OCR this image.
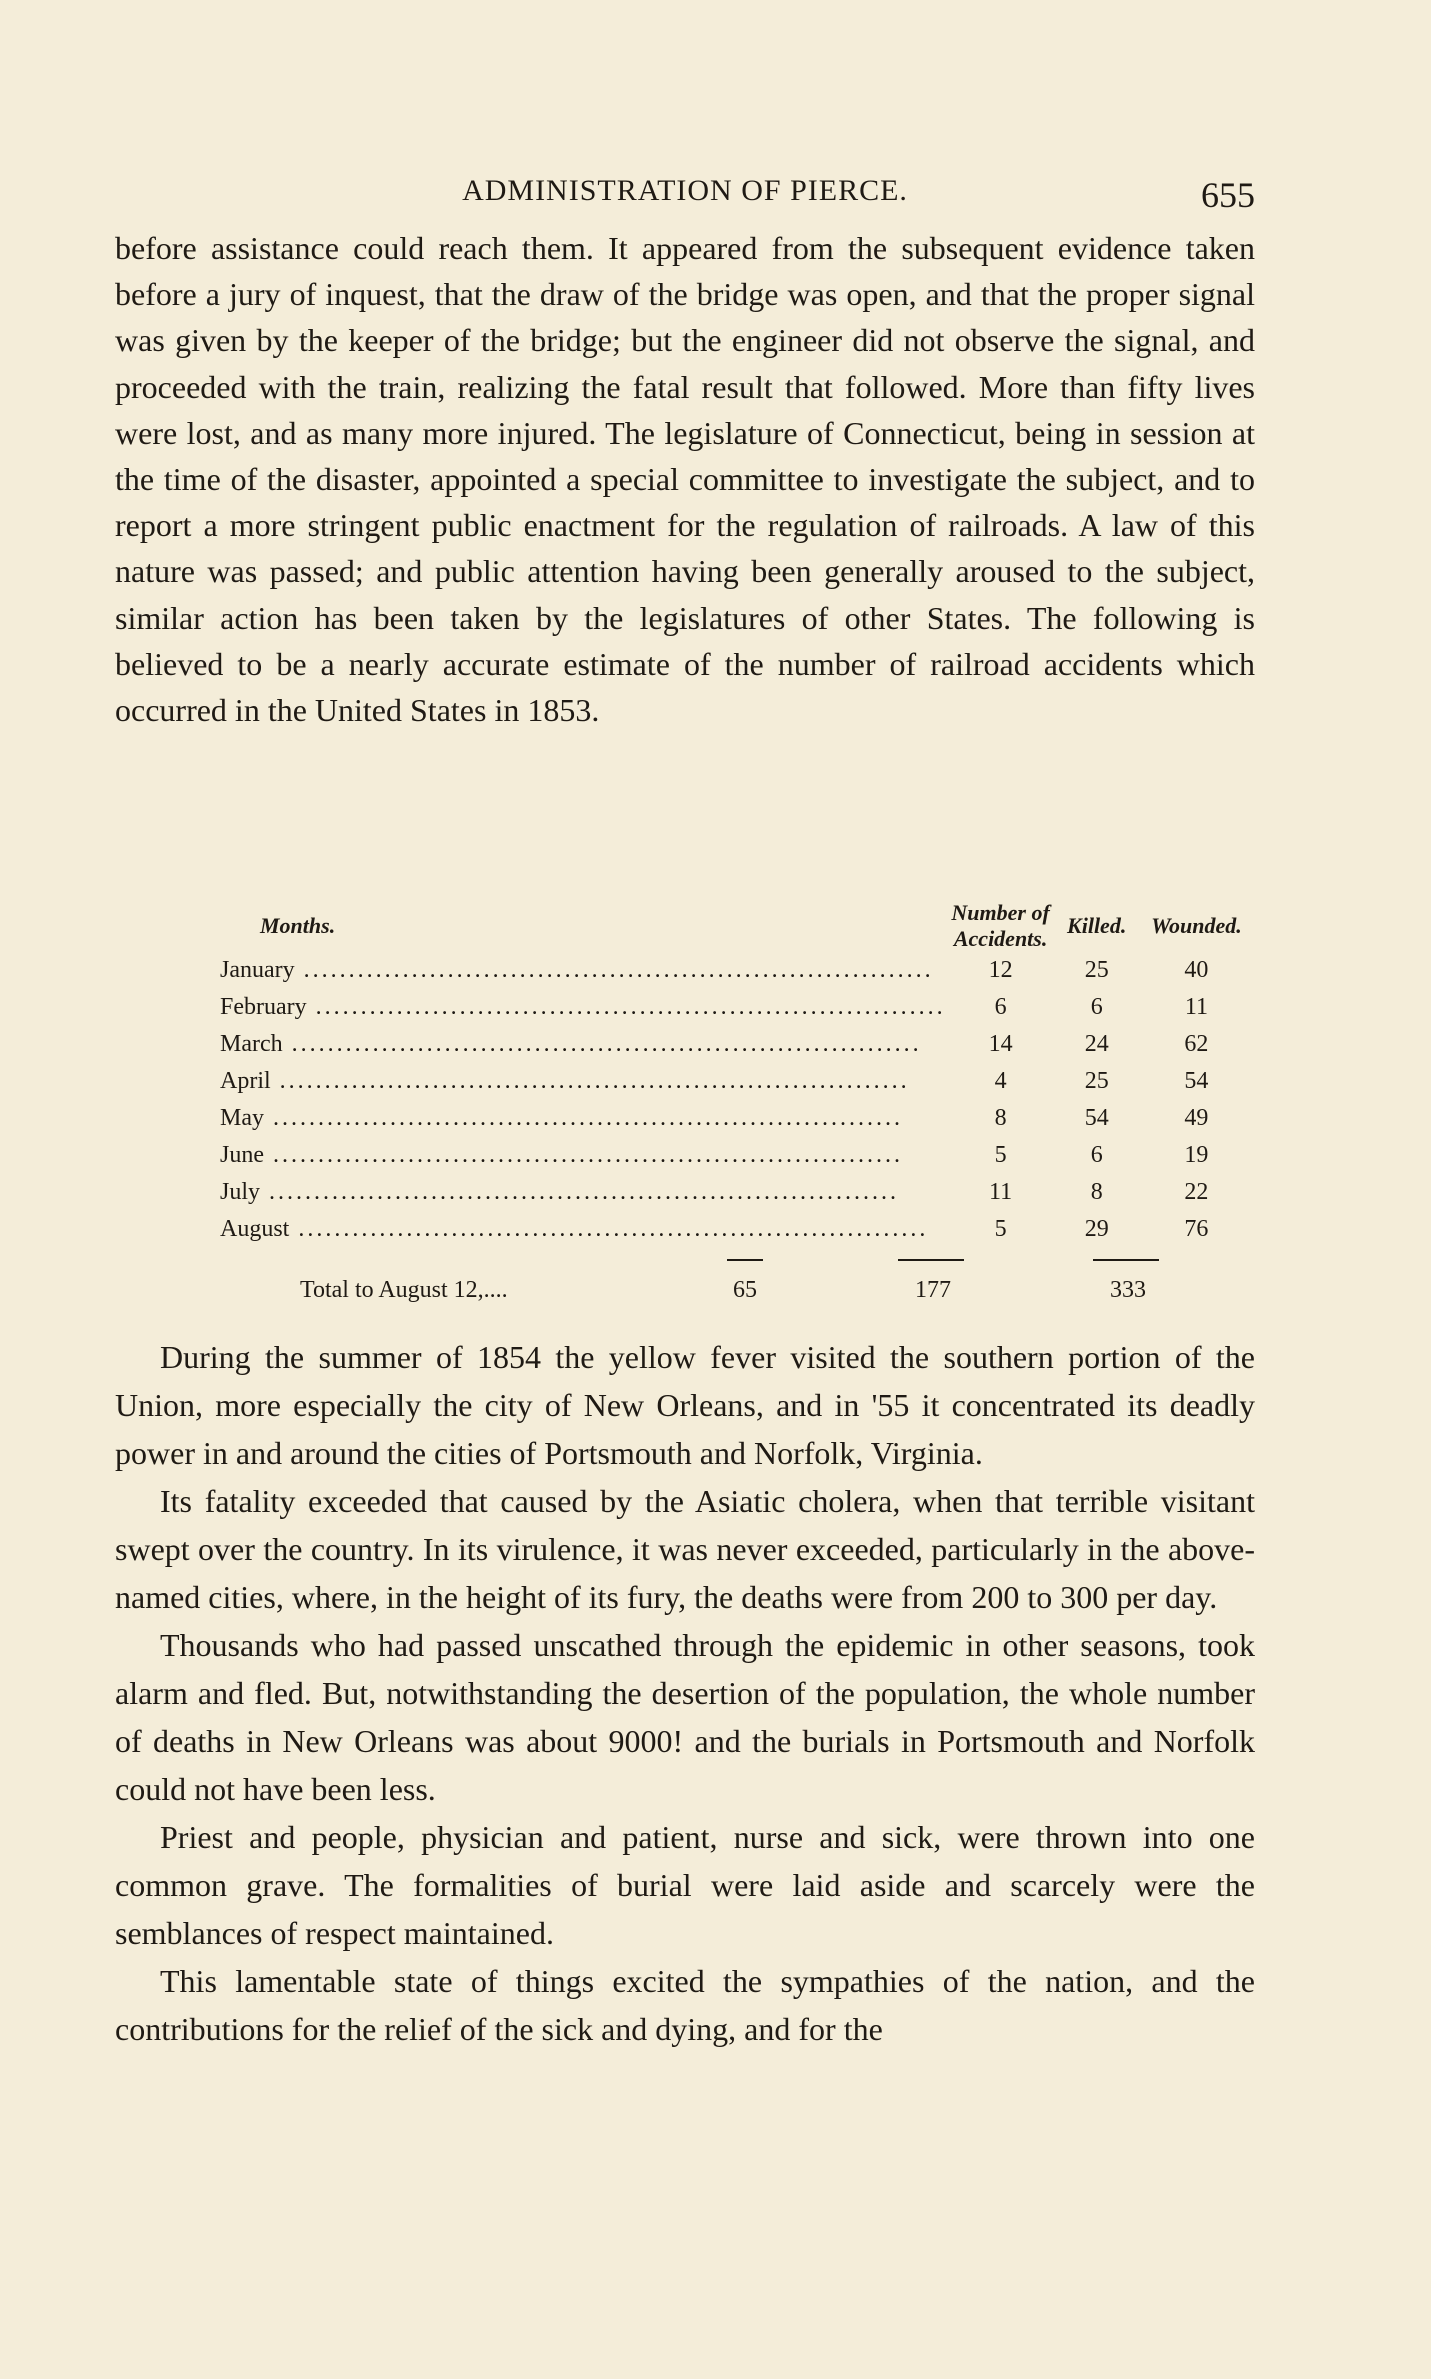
ADMINISTRATION OF PIERCE.	655

before assistance could reach them. It appeared from the subsequent evidence taken before a jury of inquest, that the draw of the bridge was open, and that the proper signal was given by the keeper of the bridge; but the engineer did not observe the signal, and proceeded with the train, realizing the fatal result that followed. More than fifty lives were lost, and as many more injured. The legislature of Connecticut, being in session at the time of the disaster, appointed a special committee to investigate the subject, and to report a more stringent public enactment for the regulation of railroads. A law of this nature was passed; and public attention having been generally aroused to the subject, similar action has been taken by the legislatures of other States. The following is believed to be a nearly accurate estimate of the number of railroad accidents which occurred in the United States in 1853.

Months.	Number of Accidents.	Killed.	Wounded.
January .....	12	25	40
February .....	6	6	11
March .....	14	24	62
April .....	4	25	54
May .....	8	54	49
June .....	5	6	19
July .....	11	8	22
August .....	5	29	76
Total to August 12,....	65	177	333

During the summer of 1854 the yellow fever visited the southern portion of the Union, more especially the city of New Orleans, and in '55 it concentrated its deadly power in and around the cities of Portsmouth and Norfolk, Virginia.

Its fatality exceeded that caused by the Asiatic cholera, when that terrible visitant swept over the country. In its virulence, it was never exceeded, particularly in the above-named cities, where, in the height of its fury, the deaths were from 200 to 300 per day.

Thousands who had passed unscathed through the epidemic in other seasons, took alarm and fled. But, notwithstanding the desertion of the population, the whole number of deaths in New Orleans was about 9000! and the burials in Portsmouth and Norfolk could not have been less.

Priest and people, physician and patient, nurse and sick, were thrown into one common grave. The formalities of burial were laid aside and scarcely were the semblances of respect maintained.

This lamentable state of things excited the sympathies of the nation, and the contributions for the relief of the sick and dying, and for the
